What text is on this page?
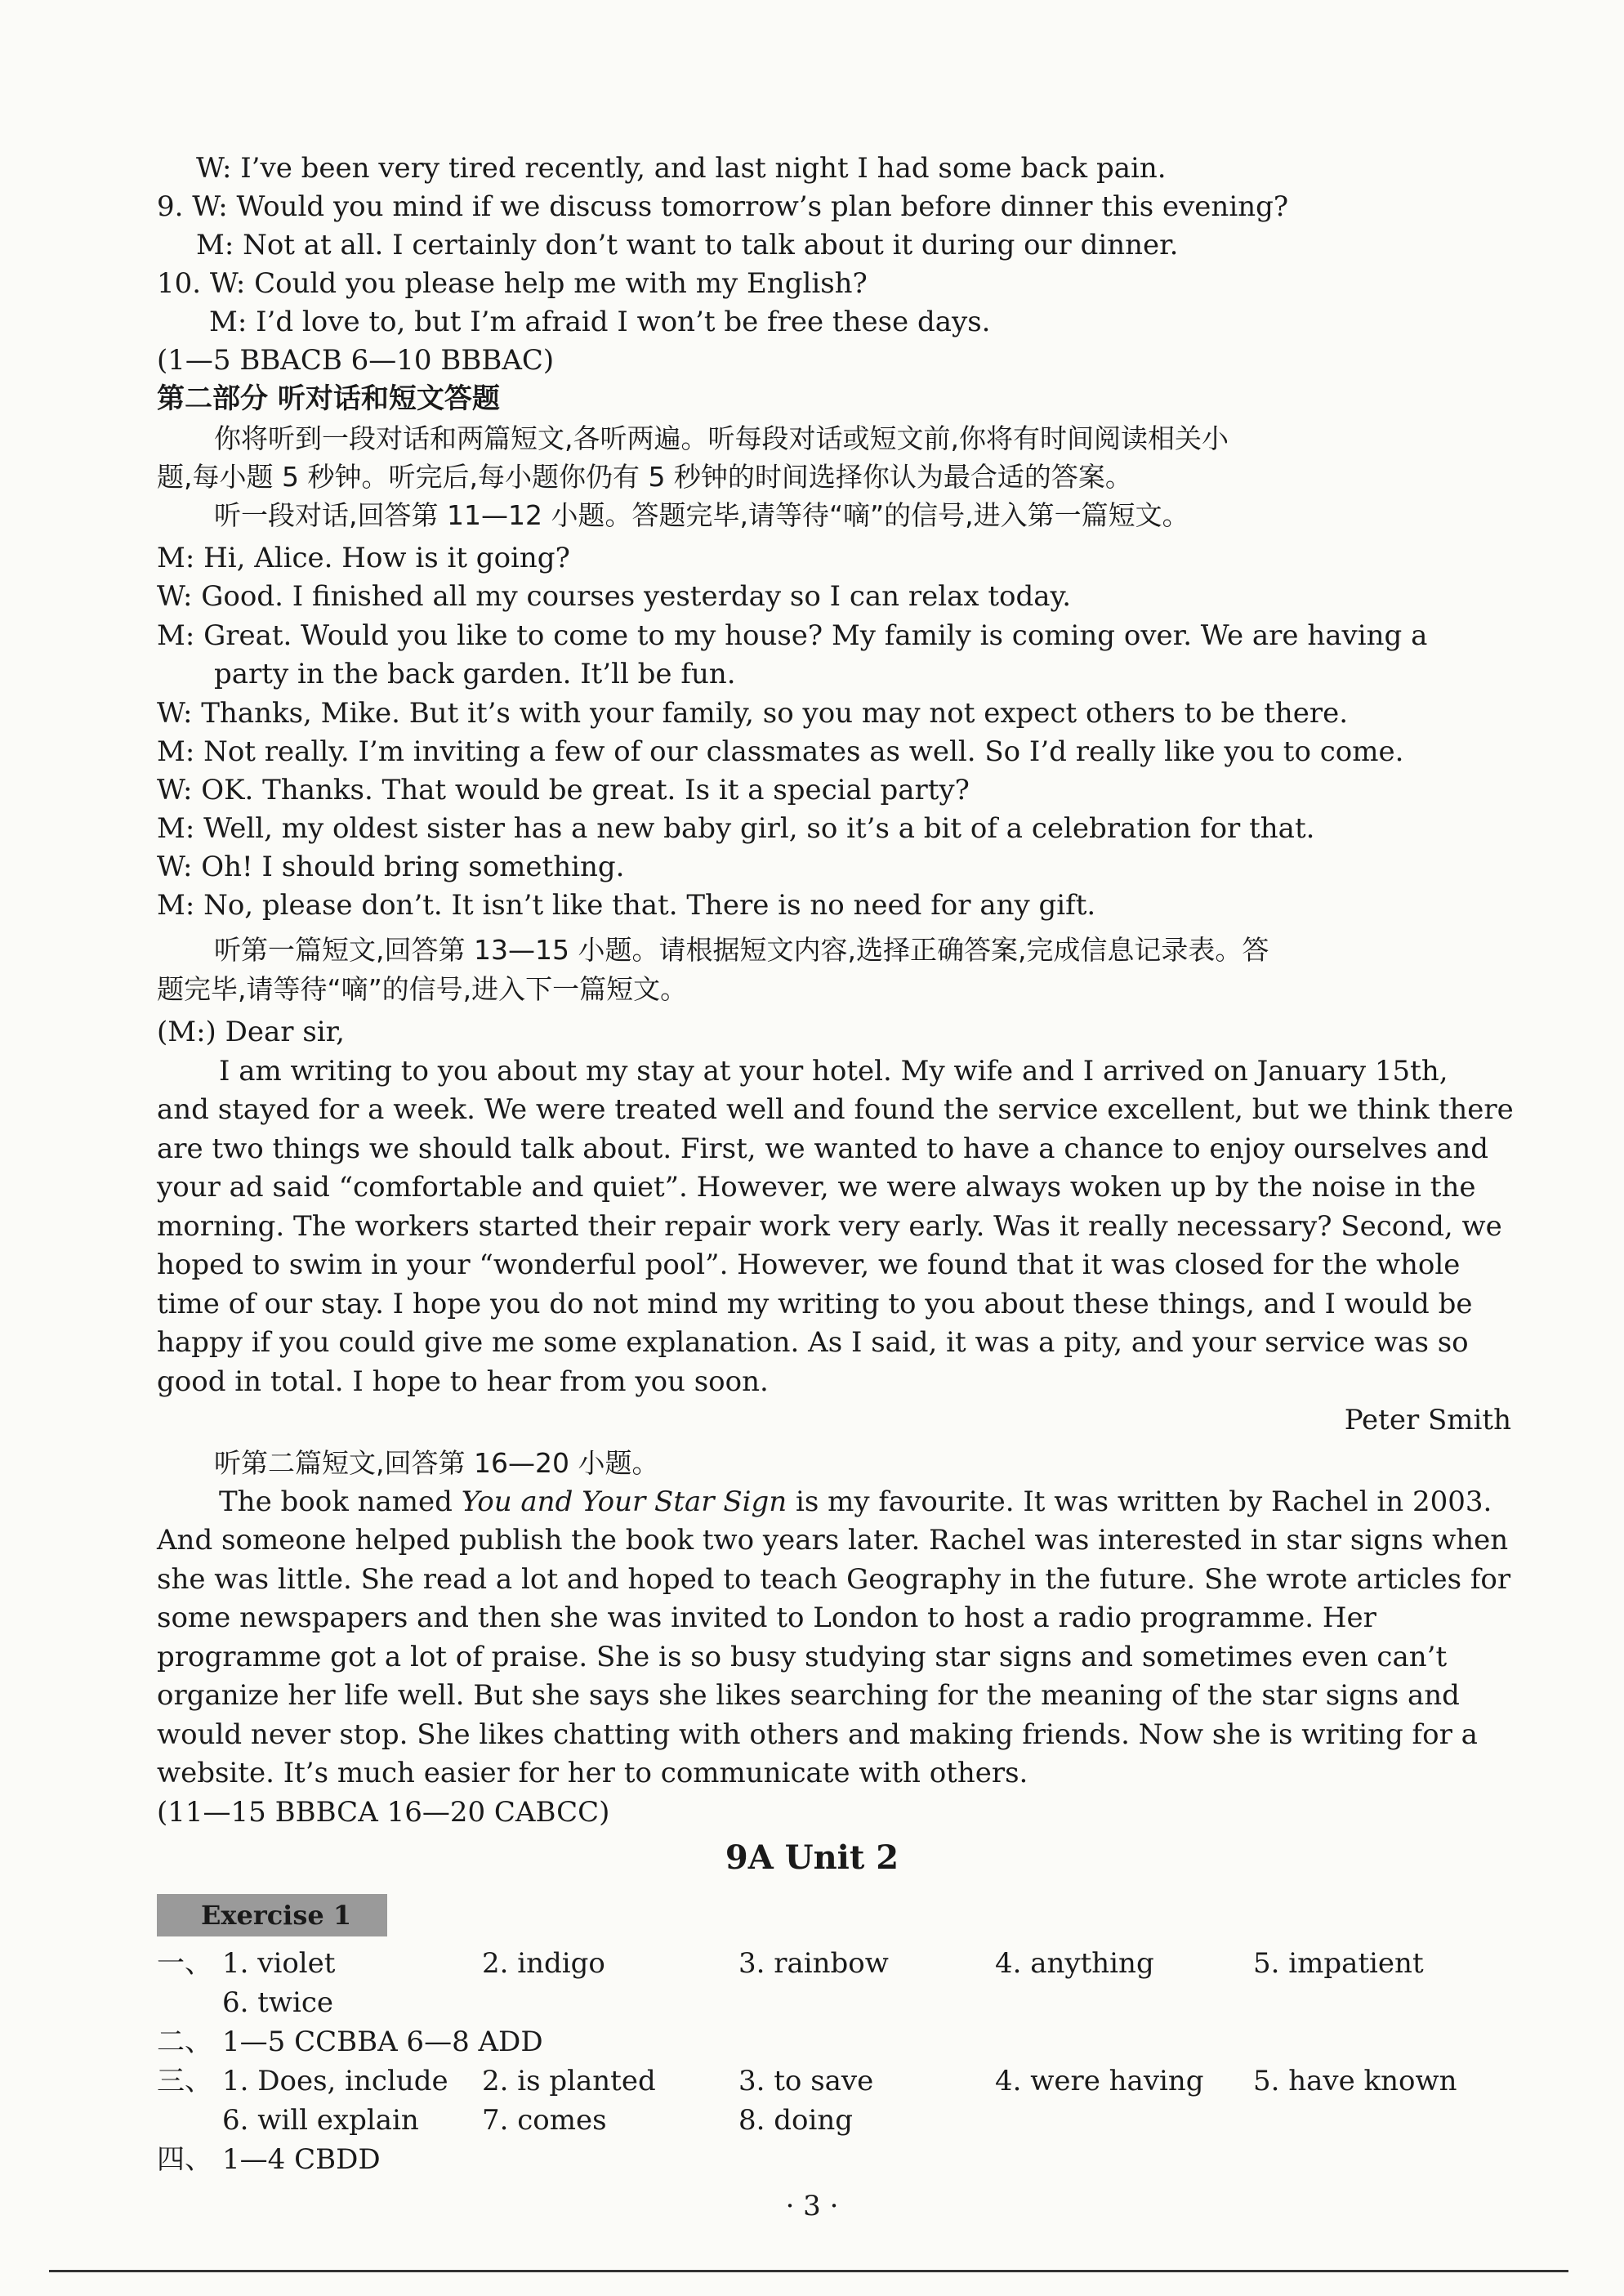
W: I’ve been very tired recently, and last night I had some back pain.
9. W: Would you mind if we discuss tomorrow’s plan before dinner this evening?
M: Not at all. I certainly don’t want to talk about it during our dinner.
10. W: Could you please help me with my English?
M: I’d love to, but I’m afraid I won’t be free these days.
(1—5 BBACB 6—10 BBBAC)
第二部分 听对话和短文答题
你将听到一段对话和两篇短文,各听两遍。听每段对话或短文前,你将有时间阅读相关小
题,每小题 5 秒钟。听完后,每小题你仍有 5 秒钟的时间选择你认为最合适的答案。
听一段对话,回答第 11—12 小题。答题完毕,请等待“嘀”的信号,进入第一篇短文。
M: Hi, Alice. How is it going?
W: Good. I finished all my courses yesterday so I can relax today.
M: Great. Would you like to come to my house? My family is coming over. We are having a
party in the back garden. It’ll be fun.
W: Thanks, Mike. But it’s with your family, so you may not expect others to be there.
M: Not really. I’m inviting a few of our classmates as well. So I’d really like you to come.
W: OK. Thanks. That would be great. Is it a special party?
M: Well, my oldest sister has a new baby girl, so it’s a bit of a celebration for that.
W: Oh! I should bring something.
M: No, please don’t. It isn’t like that. There is no need for any gift.
听第一篇短文,回答第 13—15 小题。请根据短文内容,选择正确答案,完成信息记录表。答
题完毕,请等待“嘀”的信号,进入下一篇短文。
(M:) Dear sir,
I am writing to you about my stay at your hotel. My wife and I arrived on January 15th,
and stayed for a week. We were treated well and found the service excellent, but we think there
are two things we should talk about. First, we wanted to have a chance to enjoy ourselves and
your ad said “comfortable and quiet”. However, we were always woken up by the noise in the
morning. The workers started their repair work very early. Was it really necessary? Second, we
hoped to swim in your “wonderful pool”. However, we found that it was closed for the whole
time of our stay. I hope you do not mind my writing to you about these things, and I would be
happy if you could give me some explanation. As I said, it was a pity, and your service was so
good in total. I hope to hear from you soon.
Peter Smith
听第二篇短文,回答第 16—20 小题。
The book named You and Your Star Sign is my favourite. It was written by Rachel in 2003.
And someone helped publish the book two years later. Rachel was interested in star signs when
she was little. She read a lot and hoped to teach Geography in the future. She wrote articles for
some newspapers and then she was invited to London to host a radio programme. Her
programme got a lot of praise. She is so busy studying star signs and sometimes even can’t
organize her life well. But she says she likes searching for the meaning of the star signs and
would never stop. She likes chatting with others and making friends. Now she is writing for a
website. It’s much easier for her to communicate with others.
(11—15 BBBCA 16—20 CABCC)
9A Unit 2
Exercise 1
一、 1. violet	2. indigo	3. rainbow	4. anything	5. impatient
6. twice
二、 1—5 CCBBA 6—8 ADD
三、 1. Does, include 2. is planted	3. to save	4. were having 5. have known
6. will explain 7. comes	8. doing
四、 1—4 CBDD
· 3 ·
